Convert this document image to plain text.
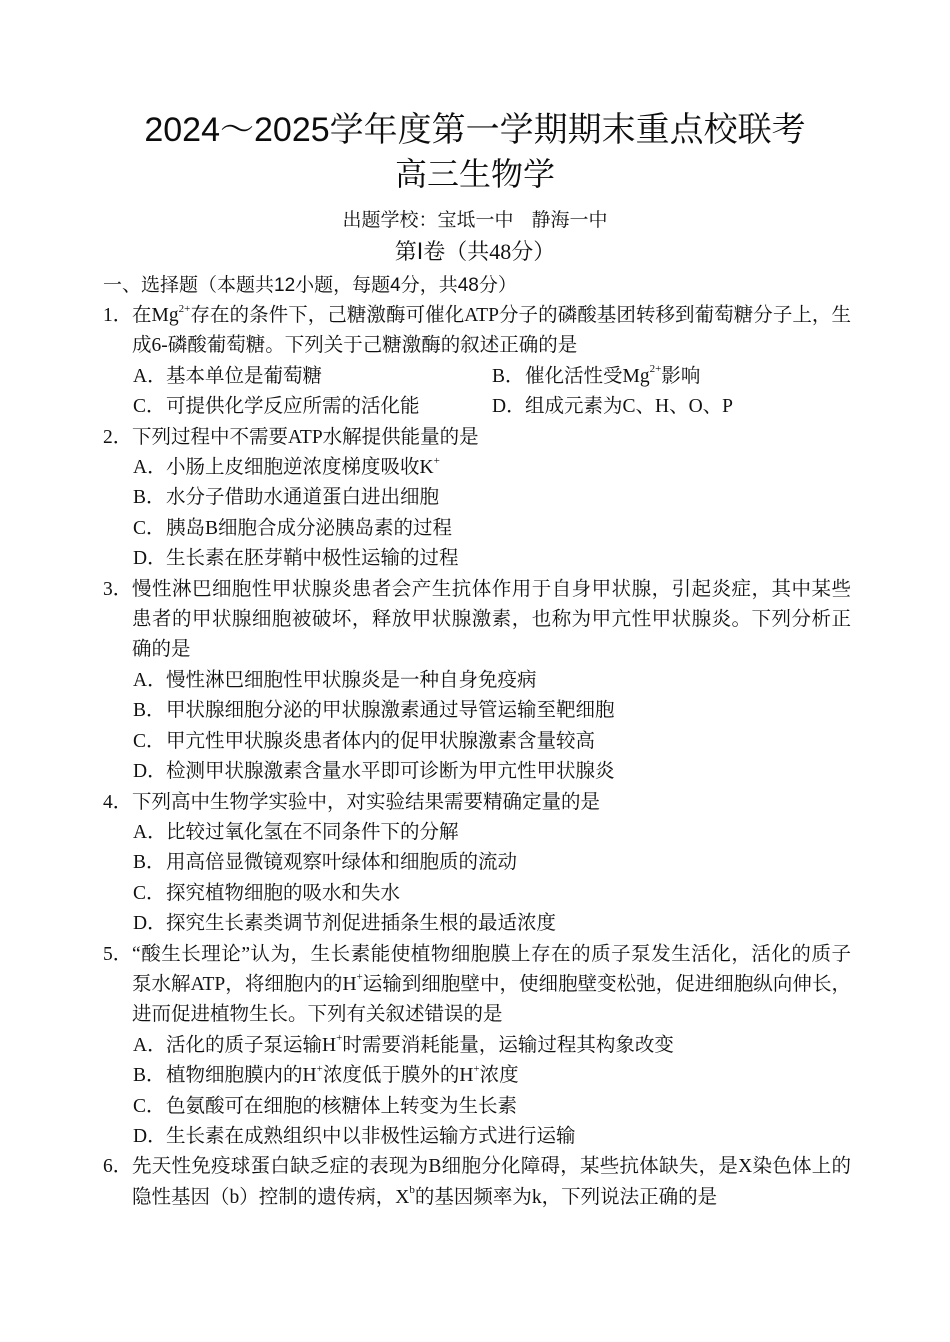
2024～2025学年度第一学期期末重点校联考
高三生物学
出题学校：宝坻一中 静海一中
第Ⅰ卷（共48分）
一、选择题（本题共12小题，每题4分，共48分）
1． 在$Mg^{2+}$存在的条件下，己糖激酶可催化ATP分子的磷酸基团转移到葡萄糖分子上，生成6-磷酸葡萄糖。下列关于己糖激酶的叙述正确的是
A．基本单位是葡萄糖	B．催化活性受$Mg^{2+}$影响
C．可提供化学反应所需的活化能	D．组成元素为C、H、O、P
2． 下列过程中不需要ATP水解提供能量的是
A．小肠上皮细胞逆浓度梯度吸收K+
B．水分子借助水通道蛋白进出细胞
C．胰岛B细胞合成分泌胰岛素的过程
D．生长素在胚芽鞘中极性运输的过程
3． 慢性淋巴细胞性甲状腺炎患者会产生抗体作用于自身甲状腺，引起炎症，其中某些患者的甲状腺细胞被破坏，释放甲状腺激素，也称为甲亢性甲状腺炎。下列分析正确的是
A．慢性淋巴细胞性甲状腺炎是一种自身免疫病
B．甲状腺细胞分泌的甲状腺激素通过导管运输至靶细胞
C．甲亢性甲状腺炎患者体内的促甲状腺激素含量较高
D．检测甲状腺激素含量水平即可诊断为甲亢性甲状腺炎
4． 下列高中生物学实验中，对实验结果需要精确定量的是
A．比较过氧化氢在不同条件下的分解
B．用高倍显微镜观察叶绿体和细胞质的流动
C．探究植物细胞的吸水和失水
D．探究生长素类调节剂促进插条生根的最适浓度
5． “酸生长理论”认为，生长素能使植物细胞膜上存在的质子泵发生活化，活化的质子泵水解ATP，将细胞内的H+运输到细胞壁中，使细胞壁变松弛，促进细胞纵向伸长，进而促进植物生长。下列有关叙述错误的是
A．活化的质子泵运输H+时需要消耗能量，运输过程其构象改变
B．植物细胞膜内的H+浓度低于膜外的H+浓度
C．色氨酸可在细胞的核糖体上转变为生长素
D．生长素在成熟组织中以非极性运输方式进行运输
6． 先天性免疫球蛋白缺乏症的表现为B细胞分化障碍，某些抗体缺失，是X染色体上的隐性基因（b）控制的遗传病，$X^b$的基因频率为k，下列说法正确的是
